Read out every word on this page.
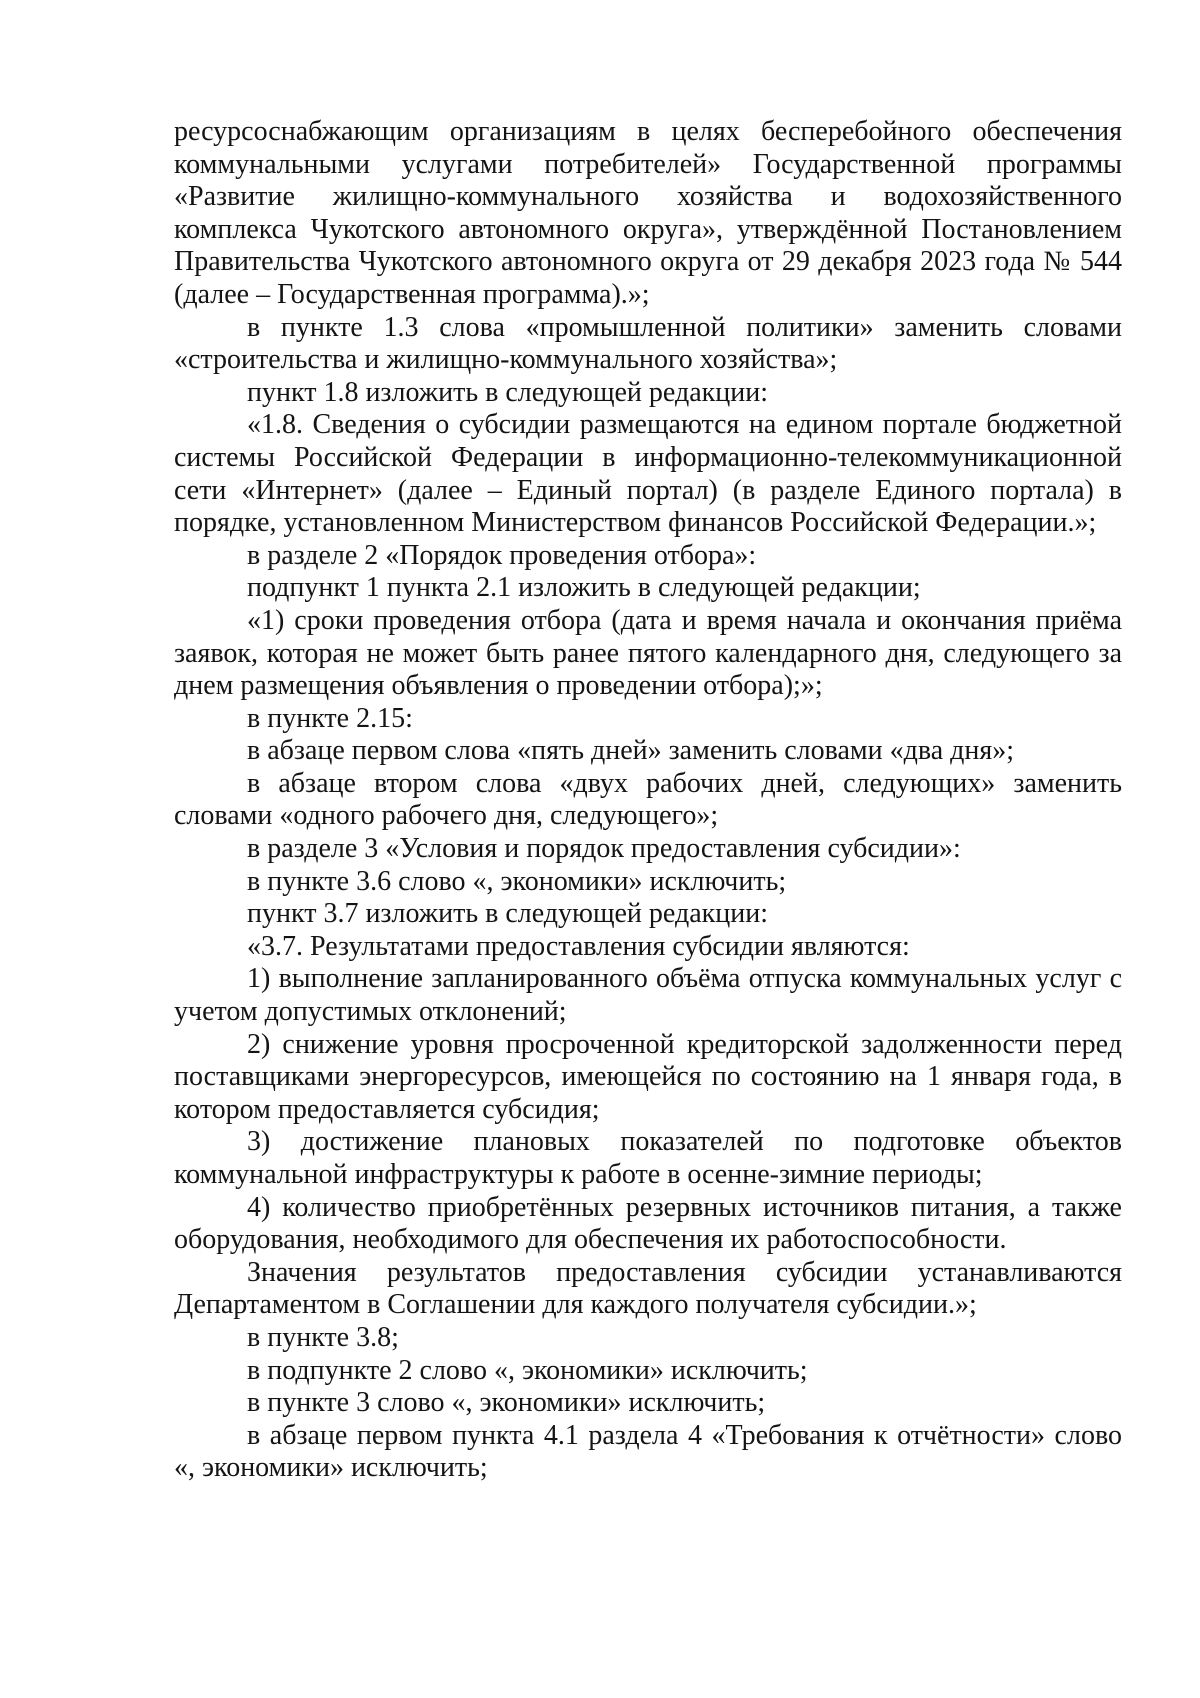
ресурсоснабжающим организациям в целях бесперебойного обеспечения коммунальными услугами потребителей» Государственной программы «Развитие жилищно-коммунального хозяйства и водохозяйственного комплекса Чукотского автономного округа», утверждённой Постановлением Правительства Чукотского автономного округа от 29 декабря 2023 года № 544 (далее – Государственная программа).»;

в пункте 1.3 слова «промышленной политики» заменить словами «строительства и жилищно-коммунального хозяйства»;

пункт 1.8 изложить в следующей редакции:

«1.8. Сведения о субсидии размещаются на едином портале бюджетной системы Российской Федерации в информационно-телекоммуникационной сети «Интернет» (далее – Единый портал) (в разделе Единого портала) в порядке, установленном Министерством финансов Российской Федерации.»;

в разделе 2 «Порядок проведения отбора»:

подпункт 1 пункта 2.1 изложить в следующей редакции;

«1) сроки проведения отбора (дата и время начала и окончания приёма заявок, которая не может быть ранее пятого календарного дня, следующего за днем размещения объявления о проведении отбора);»;

в пункте 2.15:

в абзаце первом слова «пять дней» заменить словами «два дня»;

в абзаце втором слова «двух рабочих дней, следующих» заменить словами «одного рабочего дня, следующего»;

в разделе 3 «Условия и порядок предоставления субсидии»:

в пункте 3.6 слово «, экономики» исключить;

пункт 3.7 изложить в следующей редакции:

«3.7. Результатами предоставления субсидии являются:

1) выполнение запланированного объёма отпуска коммунальных услуг с учетом допустимых отклонений;

2) снижение уровня просроченной кредиторской задолженности перед поставщиками энергоресурсов, имеющейся по состоянию на 1 января года, в котором предоставляется субсидия;

3) достижение плановых показателей по подготовке объектов коммунальной инфраструктуры к работе в осенне-зимние периоды;

4) количество приобретённых резервных источников питания, а также оборудования, необходимого для обеспечения их работоспособности.

Значения результатов предоставления субсидии устанавливаются Департаментом в Соглашении для каждого получателя субсидии.»;

в пункте 3.8;

в подпункте 2 слово «, экономики» исключить;

в пункте 3 слово «, экономики» исключить;

в абзаце первом пункта 4.1 раздела 4 «Требования к отчётности» слово «, экономики» исключить;
